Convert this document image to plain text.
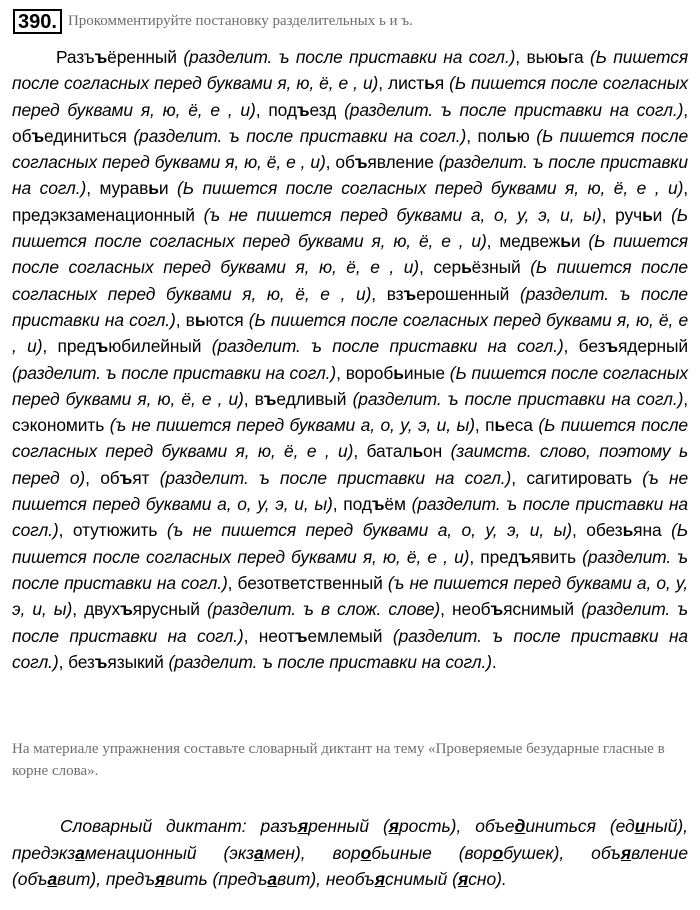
390. Прокомментируйте постановку разделительных ь и ъ.

Разъъёренный (разделит. ъ после приставки на согл.), вьюьга (Ь пишется после согласных перед буквами я, ю, ё, е , и), листья (Ь пишется после согласных перед буквами я, ю, ё, е , и), подъезд (разделит. ъ после приставки на согл.), объединиться (разделит. ъ после приставки на согл.), полью (Ь пишется после согласных перед буквами я, ю, ё, е , и), объявление (разделит. ъ после приставки на согл.), муравьи (Ь пишется после согласных перед буквами я, ю, ё, е , и), предэкзаменационный (ъ не пишется перед буквами а, о, у, э, и, ы), ручьи (Ь пишется после согласных перед буквами я, ю, ё, е , и), медвежьи (Ь пишется после согласных перед буквами я, ю, ё, е , и), серьёзный (Ь пишется после согласных перед буквами я, ю, ё, е , и), взъерошенный (разделит. ъ после приставки на согл.), вьются (Ь пишется после согласных перед буквами я, ю, ё, е , и), предъюбилейный (разделит. ъ после приставки на согл.), безъядерный (разделит. ъ после приставки на согл.), воробьиные (Ь пишется после согласных перед буквами я, ю, ё, е , и), въедливый (разделит. ъ после приставки на согл.), сэкономить (ъ не пишется перед буквами а, о, у, э, и, ы), пьеса (Ь пишется после согласных перед буквами я, ю, ё, е , и), батальон (заимств. слово, поэтому ь перед о), объят (разделит. ъ после приставки на согл.), сагитировать (ъ не пишется перед буквами а, о, у, э, и, ы), подъём (разделит. ъ после приставки на согл.), отутюжить (ъ не пишется перед буквами а, о, у, э, и, ы), обезьяна (Ь пишется после согласных перед буквами я, ю, ё, е , и), предъявить (разделит. ъ после приставки на согл.), безответственный (ъ не пишется перед буквами а, о, у, э, и, ы), двухъярусный (разделит. ъ в слож. слове), необъяснимый (разделит. ъ после приставки на согл.), неотъемлемый (разделит. ъ после приставки на согл.), безъязыкий (разделит. ъ после приставки на согл.).

На материале упражнения составьте словарный диктант на тему «Проверяемые безударные гласные в корне слова».

Словарный диктант: разъяренный (ярость), объединиться (единый), предэкзаменационный (экзамен), воробьиные (воробушек), объявление (объавит), предъявить (предъавит), необъяснимый (ясно).
